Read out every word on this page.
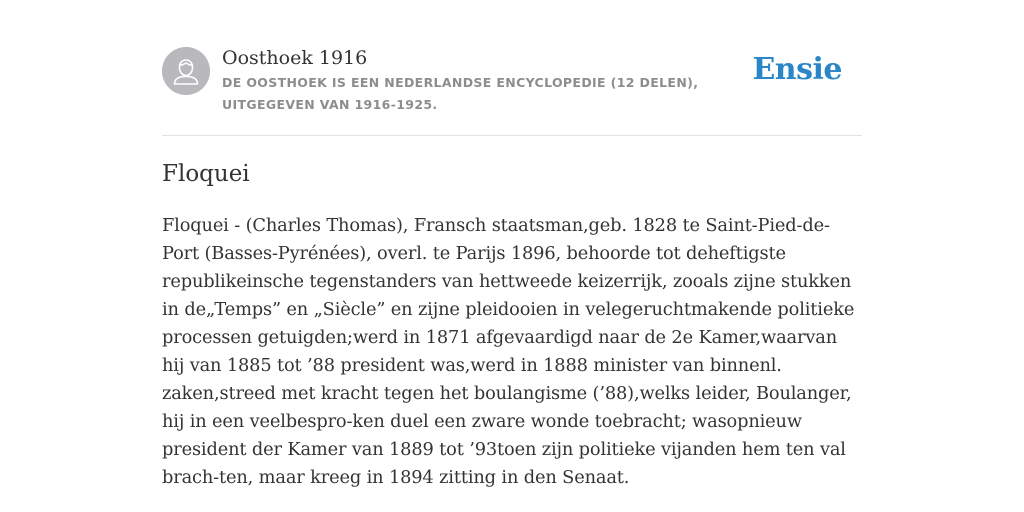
Oosthoek 1916
DE OOSTHOEK IS EEN NEDERLANDSE ENCYCLOPEDIE (12 DELEN), UITGEGEVEN VAN 1916-1925.
Ensie
Floquei

Floquei - (Charles Thomas), Fransch staatsman,geb. 1828 te Saint-Pied-de-Port (Basses-Pyrénées), overl. te Parijs 1896, behoorde tot deheftigste republikeinsche tegenstanders van hettweede keizerrijk, zooals zijne stukken in de„Temps” en „Siècle” en zijne pleidooien in velegeruchtmakende politieke processen getuigden;werd in 1871 afgevaardigd naar de 2e Kamer,waarvan hij van 1885 tot ’88 president was,werd in 1888 minister van binnenl. zaken,streed met kracht tegen het boulangisme (’88),welks leider, Boulanger, hij in een veelbespro-ken duel een zware wonde toebracht; wasopnieuw president der Kamer van 1889 tot ’93toen zijn politieke vijanden hem ten val brach-ten, maar kreeg in 1894 zitting in den Senaat.
